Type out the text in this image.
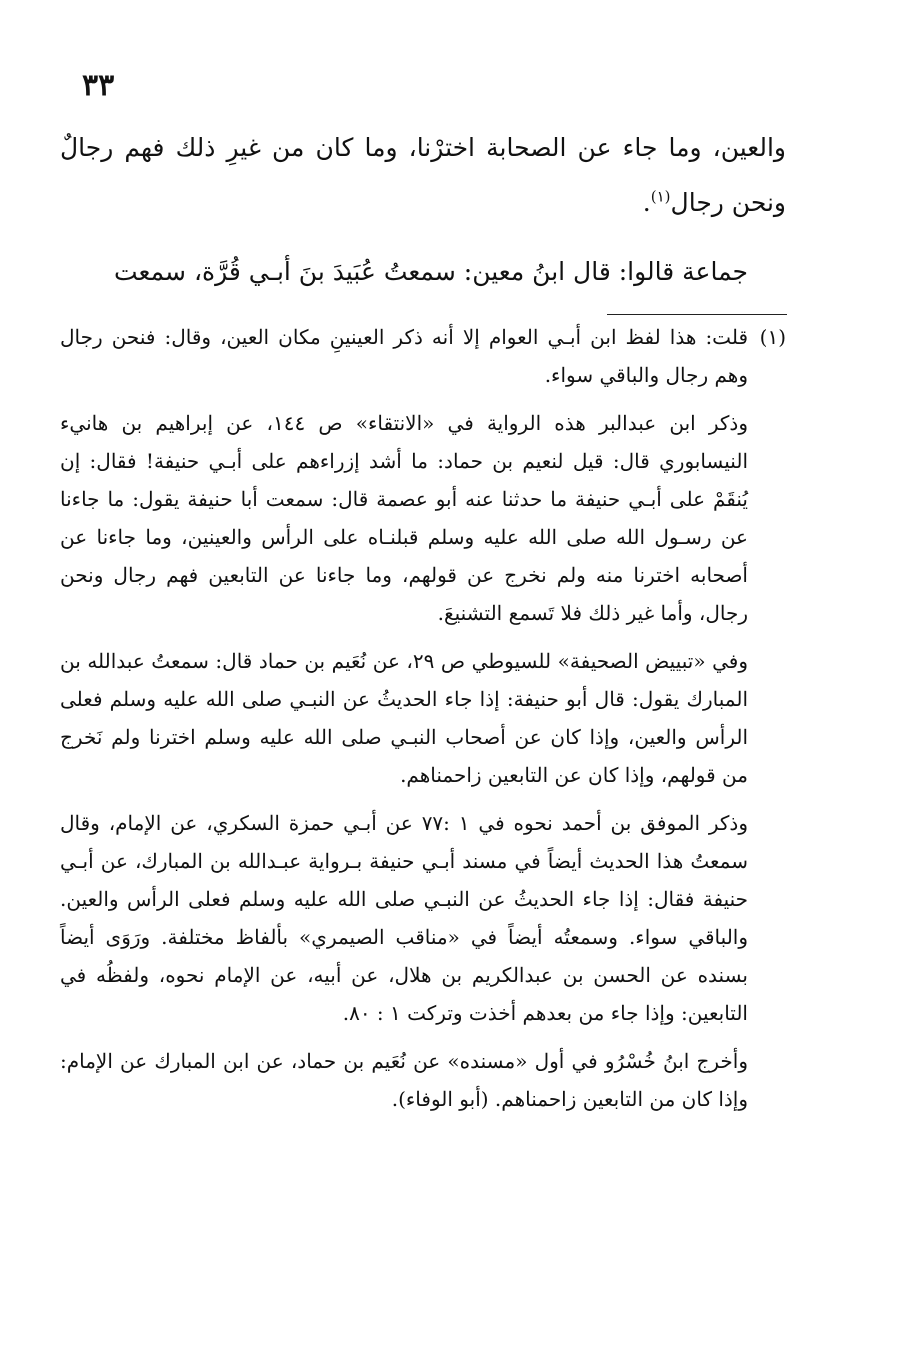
٣٣

والعين، وما جاء عن الصحابة اخترْنا، وما كان من غيرِ ذلك فهم رجالٌ ونحن رجال$^{(١)}$.

جماعة قالوا: قال ابنُ معين: سمعتُ عُبَيدَ بنَ أبـي قُرَّة، سمعت

(١)
قلت: هذا لفظ ابن أبـي العوام إلا أنه ذكر العينينِ مكان العين، وقال: فنحن رجال وهم رجال والباقي سواء.

وذكر ابن عبدالبر هذه الرواية في «الانتقاء» ص ١٤٤، عن إبراهيم بن هانيء النيسابوري قال: قيل لنعيم بن حماد: ما أشد إزراءهم على أبـي حنيفة! فقال: إن يُنقَمْ على أبـي حنيفة ما حدثنا عنه أبو عصمة قال: سمعت أبا حنيفة يقول: ما جاءنا عن رسـول الله صلى الله عليه وسلم قبلنـاه على الرأس والعينين، وما جاءنا عن أصحابه اخترنا منه ولم نخرج عن قولهم، وما جاءنا عن التابعين فهم رجال ونحن رجال، وأما غير ذلك فلا تَسمع التشنيعَ.

وفي «تبييض الصحيفة» للسيوطي ص ٢٩، عن نُعَيم بن حماد قال: سمعتُ عبدالله بن المبارك يقول: قال أبو حنيفة: إذا جاء الحديثُ عن النبـي صلى الله عليه وسلم فعلى الرأس والعين، وإذا كان عن أصحاب النبـي صلى الله عليه وسلم اخترنا ولم نَخرج من قولهم، وإذا كان عن التابعين زاحمناهم.

وذكر الموفق بن أحمد نحوه في ١ :٧٧ عن أبـي حمزة السكري، عن الإمام، وقال سمعتُ هذا الحديث أيضاً في مسند أبـي حنيفة بـرواية عبـدالله بن المبارك، عن أبـي حنيفة فقال: إذا جاء الحديثُ عن النبـي صلى الله عليه وسلم فعلى الرأس والعين. والباقي سواء. وسمعتُه أيضاً في «مناقب الصيمري» بألفاظ مختلفة. ورَوَى أيضاً بسنده عن الحسن بن عبدالكريم بن هلال، عن أبيه، عن الإمام نحوه، ولفظُه في التابعين: وإذا جاء من بعدهم أخذت وتركت ١ : ٨٠.

وأخرج ابنُ خُسْرُو في أول «مسنده» عن نُعَيم بن حماد، عن ابن المبارك عن الإمام: وإذا كان من التابعين زاحمناهم. (أبو الوفاء).
